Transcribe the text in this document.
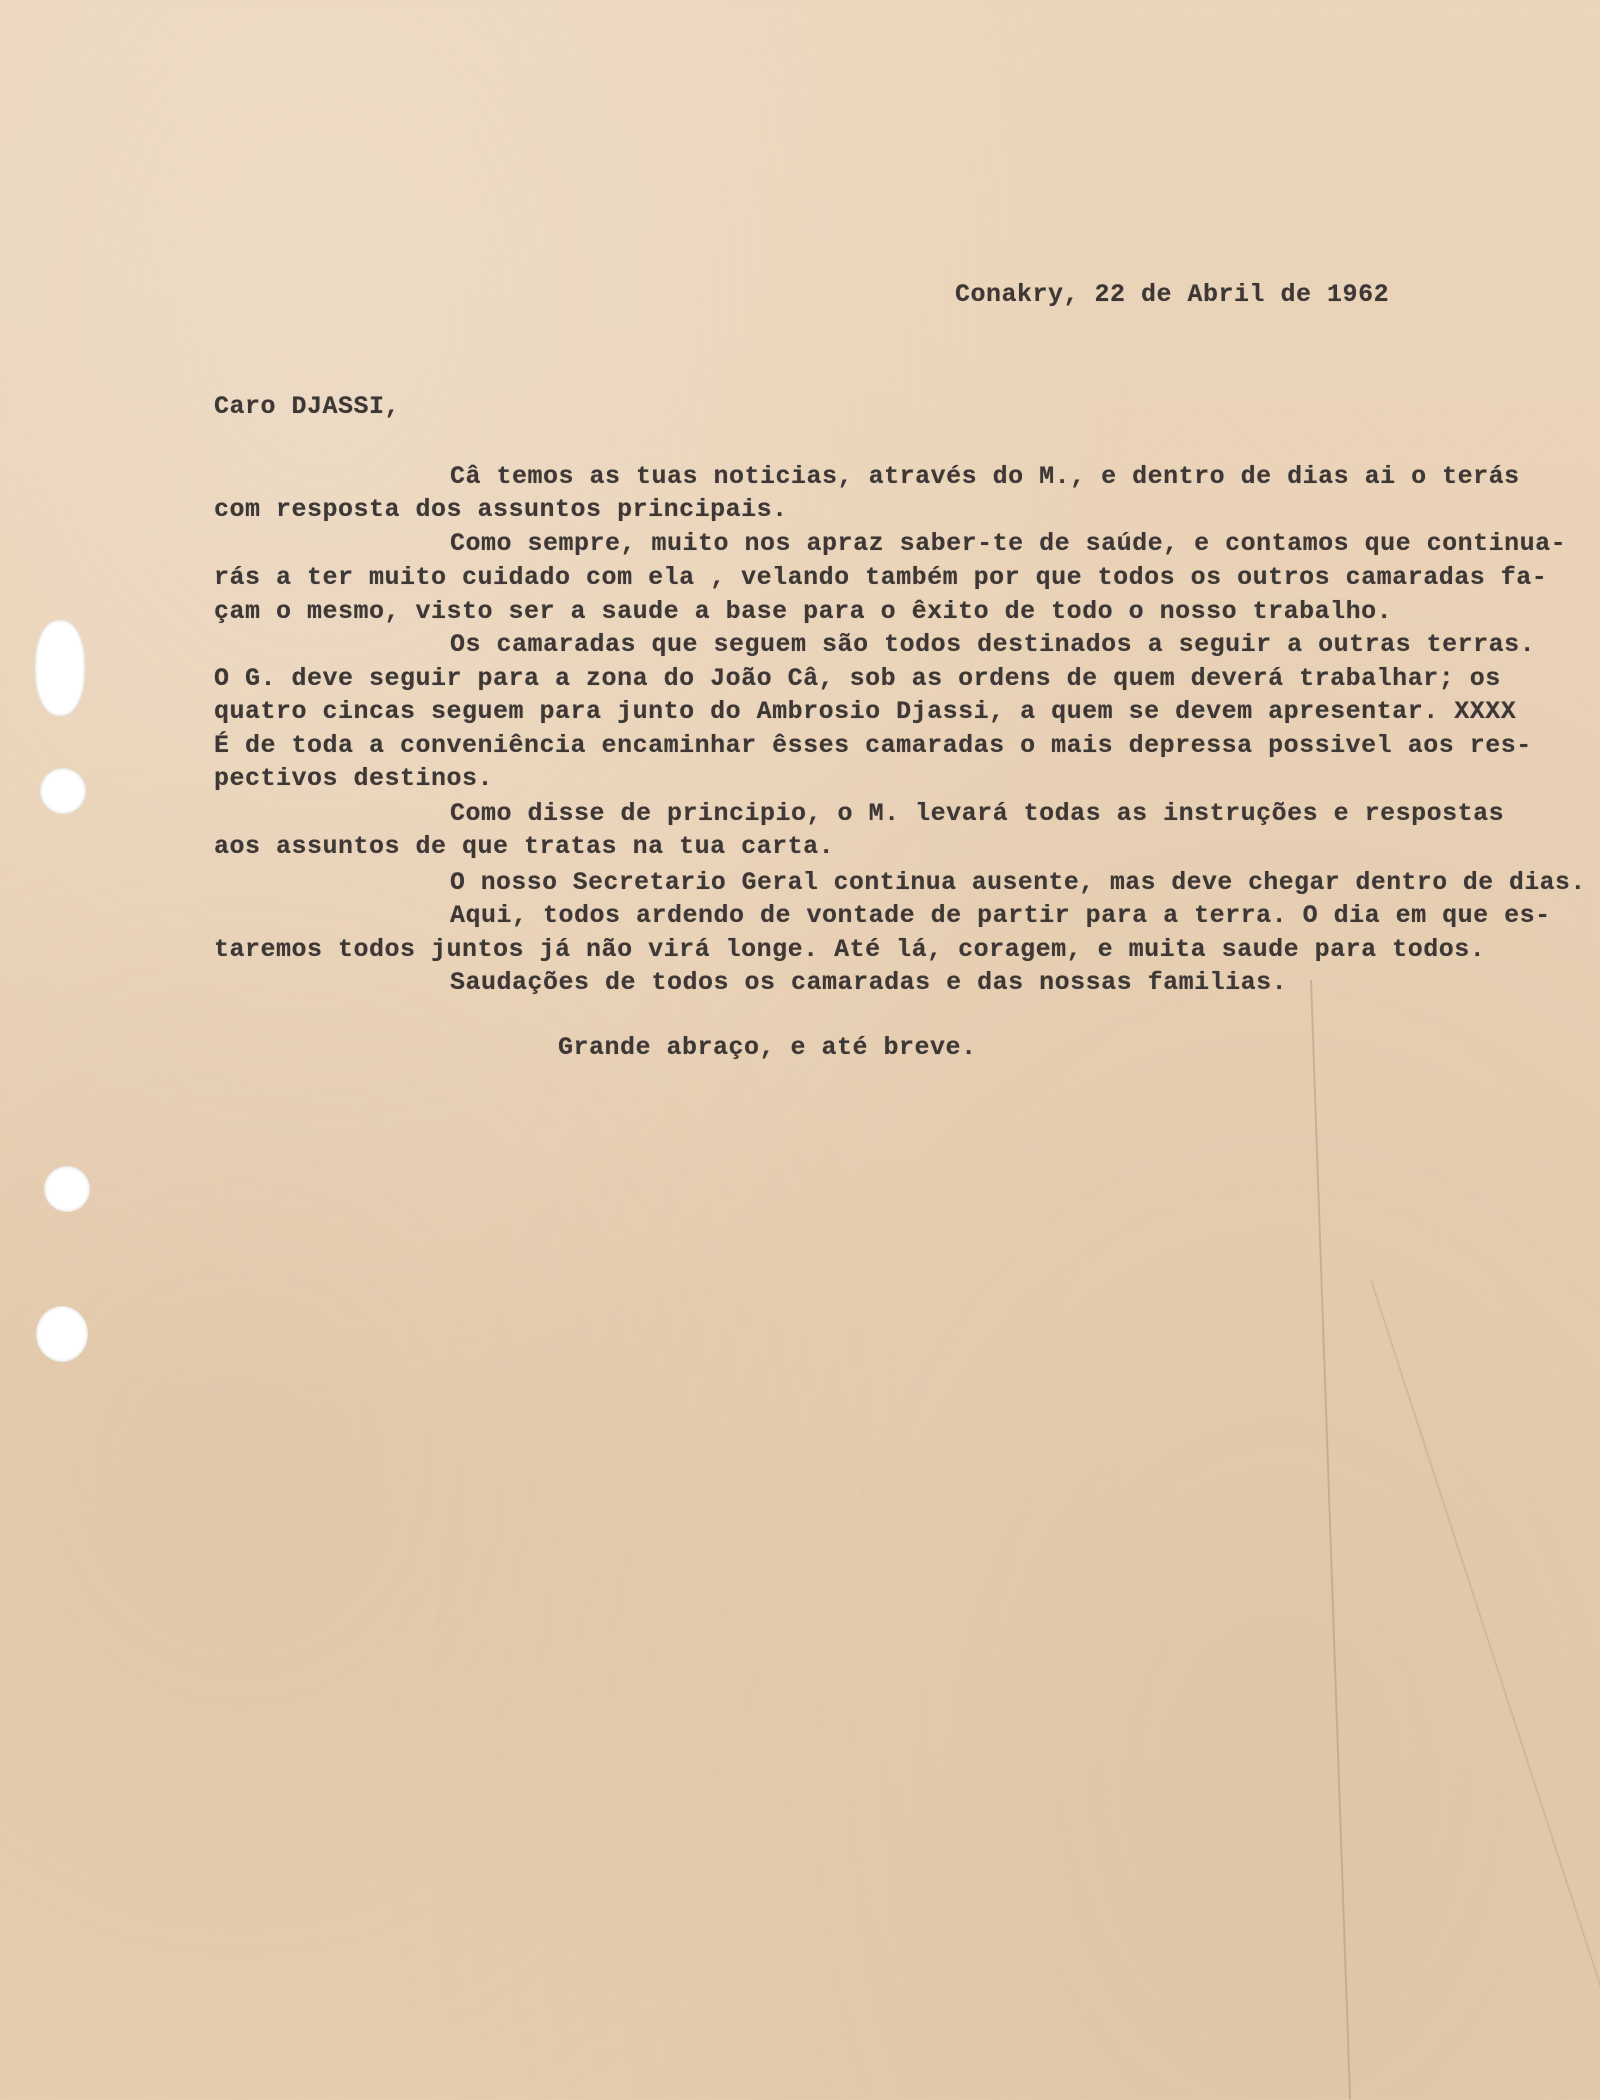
Conakry, 22 de Abril de 1962

Caro DJASSI,

Câ temos as tuas noticias, através do M., e dentro de dias ai o terás

com resposta dos assuntos principais.

Como sempre, muito nos apraz saber-te de saúde, e contamos que continua-

rás a ter muito cuidado com ela , velando também por que todos os outros camaradas fa-

çam o mesmo, visto ser a saude a base para o êxito de todo o nosso trabalho.

Os camaradas que seguem são todos destinados a seguir a outras terras.

O G. deve seguir para a zona do João Câ, sob as ordens de quem deverá trabalhar; os

quatro cincas seguem para junto do Ambrosio Djassi, a quem se devem apresentar. XXXX

É de toda a conveniência encaminhar êsses camaradas o mais depressa possivel aos res-

pectivos destinos.

Como disse de principio, o M. levará todas as instruções e respostas

aos assuntos de que tratas na tua carta.

O nosso Secretario Geral continua ausente, mas deve chegar dentro de dias.

Aqui, todos ardendo de vontade de partir para a terra. O dia em que es-

taremos todos juntos já não virá longe. Até lá, coragem, e muita saude para todos.

Saudações de todos os camaradas e das nossas familias.

Grande abraço, e até breve.
